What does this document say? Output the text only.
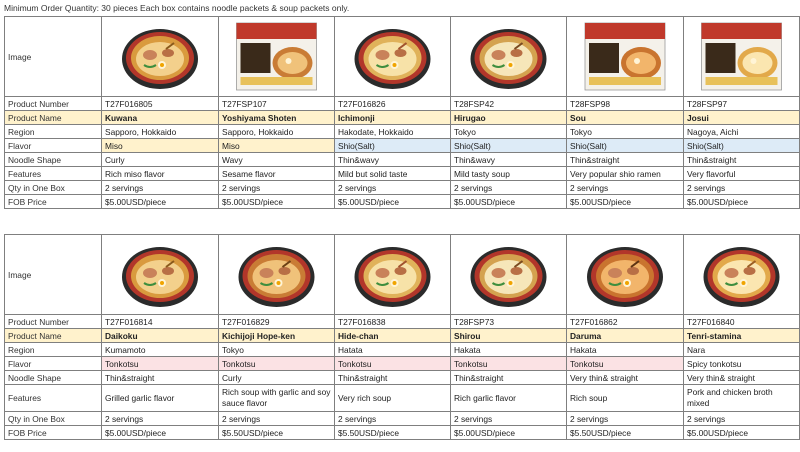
Minimum Order Quantity: 30 pieces Each box contains noodle packets & soup packets only.
Image	

Product Number	T27F016805	T27FSP107	T27F016826	T28FSP42	T28FSP98	T28FSP97
Product Name	Kuwana	Yoshiyama Shoten	Ichimonji	Hirugao	Sou	Josui
Region	Sapporo, Hokkaido	Sapporo, Hokkaido	Hakodate, Hokkaido	Tokyo	Tokyo	Nagoya, Aichi
Flavor	Miso	Miso	Shio(Salt)	Shio(Salt)	Shio(Salt)	Shio(Salt)
Noodle Shape	Curly	Wavy	Thin&wavy	Thin&wavy	Thin&straight	Thin&straight
Features	Rich miso flavor	Sesame flavor	Mild but solid taste	Mild tasty soup	Very popular shio ramen	Very flavorful
Qty in One Box	2 servings	2 servings	2 servings	2 servings	2 servings	2 servings
FOB Price	$5.00USD/piece	$5.00USD/piece	$5.00USD/piece	$5.00USD/piece	$5.00USD/piece	$5.00USD/piece
Image	

Product Number	T27F016814	T27F016829	T27F016838	T28FSP73	T27F016862	T27F016840
Product Name	Daikoku	Kichijoji Hope-ken	Hide-chan	Shirou	Daruma	Tenri-stamina
Region	Kumamoto	Tokyo	Hatata	Hakata	Hakata	Nara
Flavor	Tonkotsu	Tonkotsu	Tonkotsu	Tonkotsu	Tonkotsu	Spicy tonkotsu
Noodle Shape	Thin&straight	Curly	Thin&straight	Thin&straight	Very thin& straight	Very thin& straight
Features	Grilled garlic flavor	Rich soup with garlic and soy sauce flavor	Very rich soup	Rich garlic flavor	Rich soup	Pork and chicken broth mixed
Qty in One Box	2 servings	2 servings	2 servings	2 servings	2 servings	2 servings
FOB Price	$5.00USD/piece	$5.50USD/piece	$5.50USD/piece	$5.00USD/piece	$5.50USD/piece	$5.00USD/piece
